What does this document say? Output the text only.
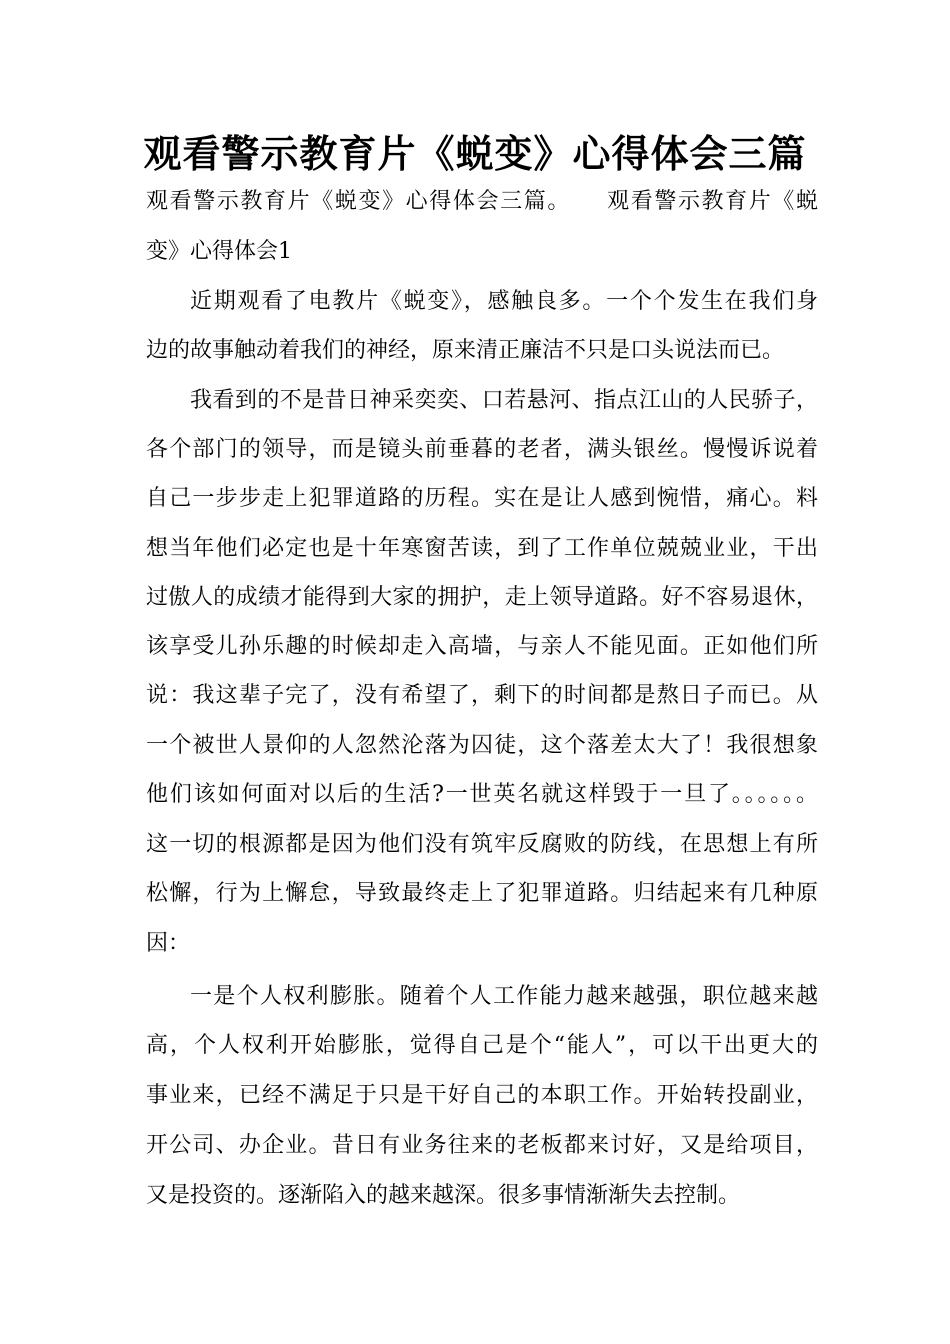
观看警示教育片《蜕变》心得体会三篇
观看警示教育片《蜕变》心得体会三篇。　　观看警示教育片《蜕
变》心得体会1
近期观看了电教片《蜕变》，感触良多。一个个发生在我们身
边的故事触动着我们的神经，原来清正廉洁不只是口头说法而已。
我看到的不是昔日神采奕奕、口若悬河、指点江山的人民骄子，
各个部门的领导，而是镜头前垂暮的老者，满头银丝。慢慢诉说着
自己一步步走上犯罪道路的历程。实在是让人感到惋惜，痛心。料
想当年他们必定也是十年寒窗苦读，到了工作单位兢兢业业，干出
过傲人的成绩才能得到大家的拥护，走上领导道路。好不容易退休，
该享受儿孙乐趣的时候却走入高墙，与亲人不能见面。正如他们所
说：我这辈子完了，没有希望了，剩下的时间都是熬日子而已。从
一个被世人景仰的人忽然沦落为囚徒，这个落差太大了！我很想象
他们该如何面对以后的生活?一世英名就这样毁于一旦了。。。。。。
这一切的根源都是因为他们没有筑牢反腐败的防线，在思想上有所
松懈，行为上懈怠，导致最终走上了犯罪道路。归结起来有几种原
因：
一是个人权利膨胀。随着个人工作能力越来越强，职位越来越
高，个人权利开始膨胀，觉得自己是个“能人”，可以干出更大的
事业来，已经不满足于只是干好自己的本职工作。开始转投副业，
开公司、办企业。昔日有业务往来的老板都来讨好，又是给项目，
又是投资的。逐渐陷入的越来越深。很多事情渐渐失去控制。
